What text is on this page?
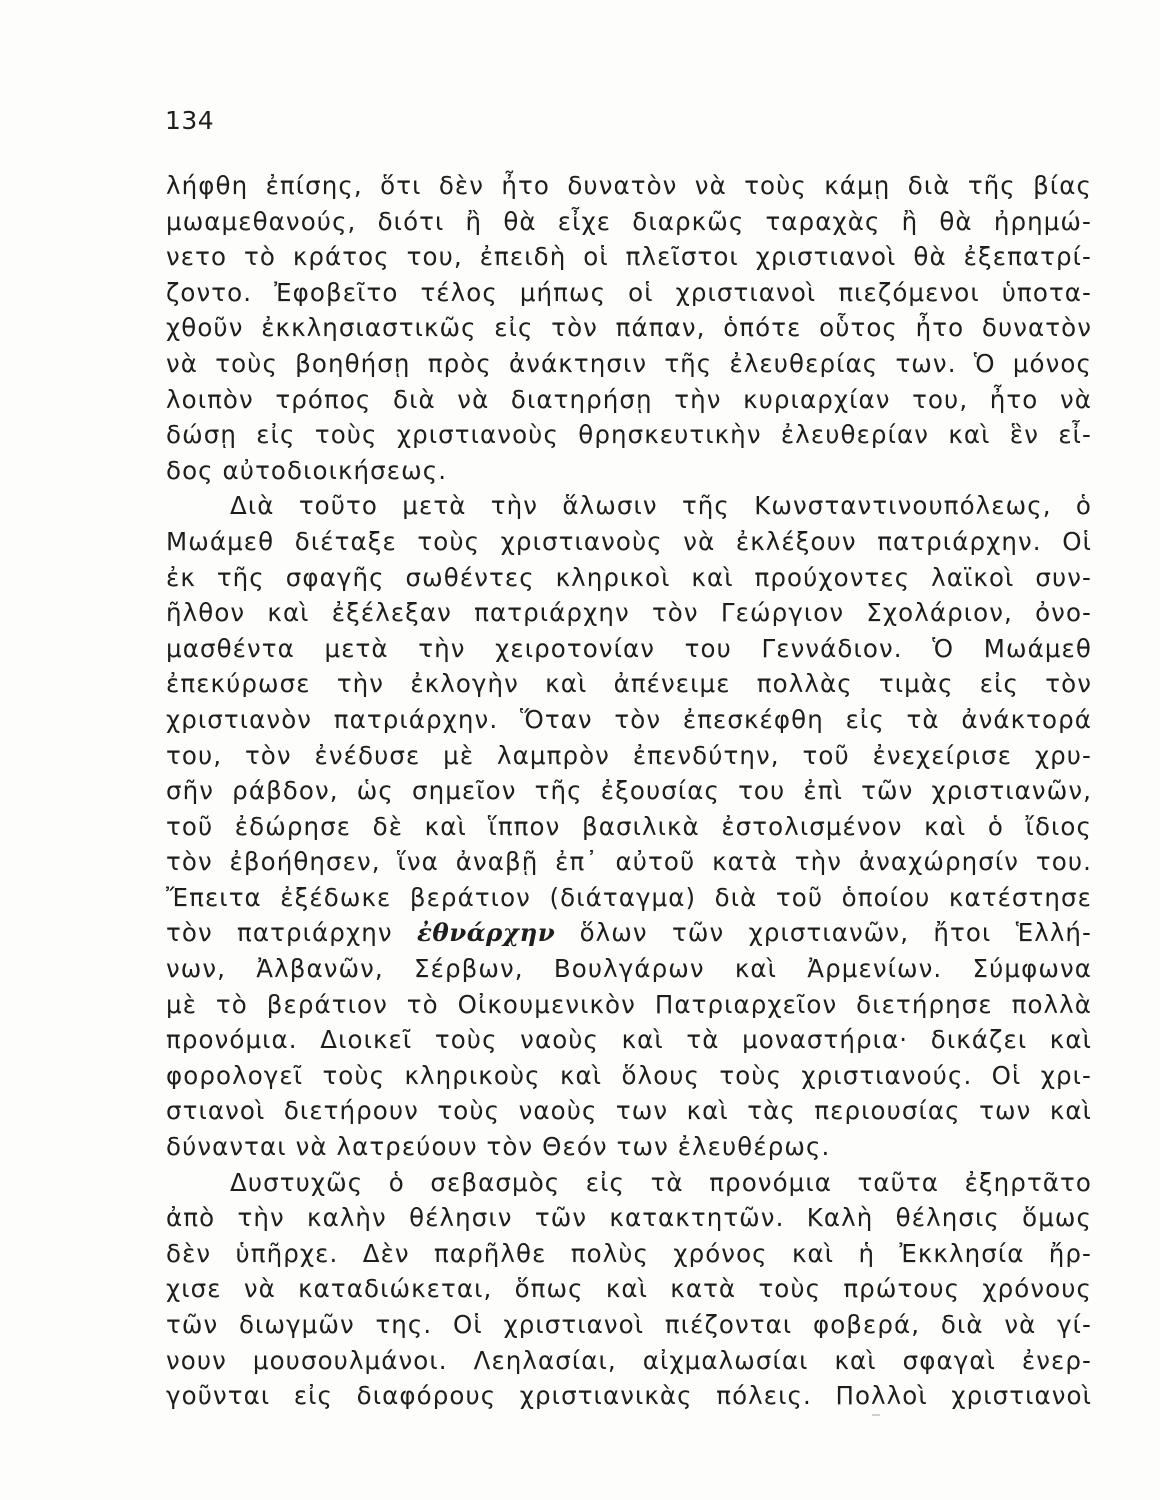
134
λήφθη ἐπίσης, ὅτι δὲν ἦτο δυνατὸν νὰ τοὺς κάμῃ διὰ τῆς βίας
μωαμεθανούς, διότι ἢ θὰ εἶχε διαρκῶς ταραχὰς ἢ θὰ ἠρημώ-
νετο τὸ κράτος του, ἐπειδὴ οἱ πλεῖστοι χριστιανοὶ θὰ ἐξεπατρί-
ζοντο. Ἐφοβεῖτο τέλος μήπως οἱ χριστιανοὶ πιεζόμενοι ὑποτα-
χθοῦν ἐκκλησιαστικῶς εἰς τὸν πάπαν, ὁπότε οὗτος ἦτο δυνατὸν
νὰ τοὺς βοηθήσῃ πρὸς ἀνάκτησιν τῆς ἐλευθερίας των. Ὁ μόνος
λοιπὸν τρόπος διὰ νὰ διατηρήσῃ τὴν κυριαρχίαν του, ἦτο νὰ
δώσῃ εἰς τοὺς χριστιανοὺς θρησκευτικὴν ἐλευθερίαν καὶ ἓν εἶ-
δος αὐτοδιοικήσεως.
Διὰ τοῦτο μετὰ τὴν ἅλωσιν τῆς Κωνσταντινουπόλεως, ὁ
Μωάμεθ διέταξε τοὺς χριστιανοὺς νὰ ἐκλέξουν πατριάρχην. Οἱ
ἐκ τῆς σφαγῆς σωθέντες κληρικοὶ καὶ προύχοντες λαϊκοὶ συν-
ῆλθον καὶ ἐξέλεξαν πατριάρχην τὸν Γεώργιον Σχολάριον, ὀνο-
μασθέντα μετὰ τὴν χειροτονίαν του Γεννάδιον. Ὁ Μωάμεθ
ἐπεκύρωσε τὴν ἐκλογὴν καὶ ἀπένειμε πολλὰς τιμὰς εἰς τὸν
χριστιανὸν πατριάρχην. Ὅταν τὸν ἐπεσκέφθη εἰς τὰ ἀνάκτορά
του, τὸν ἐνέδυσε μὲ λαμπρὸν ἐπενδύτην, τοῦ ἐνεχείρισε χρυ-
σῆν ράβδον, ὡς σημεῖον τῆς ἐξουσίας του ἐπὶ τῶν χριστιανῶν,
τοῦ ἐδώρησε δὲ καὶ ἵππον βασιλικὰ ἐστολισμένον καὶ ὁ ἴδιος
τὸν ἐβοήθησεν, ἵνα ἀναβῇ ἐπ᾽ αὐτοῦ κατὰ τὴν ἀναχώρησίν του.
Ἔπειτα ἐξέδωκε βεράτιον (διάταγμα) διὰ τοῦ ὁποίου κατέστησε
τὸν πατριάρχην ἐθνάρχην ὅλων τῶν χριστιανῶν, ἤτοι Ἑλλή-
νων, Ἀλβανῶν, Σέρβων, Βουλγάρων καὶ Ἀρμενίων. Σύμφωνα
μὲ τὸ βεράτιον τὸ Οἰκουμενικὸν Πατριαρχεῖον διετήρησε πολλὰ
προνόμια. Διοικεῖ τοὺς ναοὺς καὶ τὰ μοναστήρια· δικάζει καὶ
φορολογεῖ τοὺς κληρικοὺς καὶ ὅλους τοὺς χριστιανούς. Οἱ χρι-
στιανοὶ διετήρουν τοὺς ναοὺς των καὶ τὰς περιουσίας των καὶ
δύνανται νὰ λατρεύουν τὸν Θεόν των ἐλευθέρως.
Δυστυχῶς ὁ σεβασμὸς εἰς τὰ προνόμια ταῦτα ἐξηρτᾶτο
ἀπὸ τὴν καλὴν θέλησιν τῶν κατακτητῶν. Καλὴ θέλησις ὅμως
δὲν ὑπῆρχε. Δὲν παρῆλθε πολὺς χρόνος καὶ ἡ Ἐκκλησία ἤρ-
χισε νὰ καταδιώκεται, ὅπως καὶ κατὰ τοὺς πρώτους χρόνους
τῶν διωγμῶν της. Οἱ χριστιανοὶ πιέζονται φοβερά, διὰ νὰ γί-
νουν μουσουλμάνοι. Λεηλασίαι, αἰχμαλωσίαι καὶ σφαγαὶ ἐνερ-
γοῦνται εἰς διαφόρους χριστιανικὰς πόλεις. Πολλοὶ χριστιανοὶ
